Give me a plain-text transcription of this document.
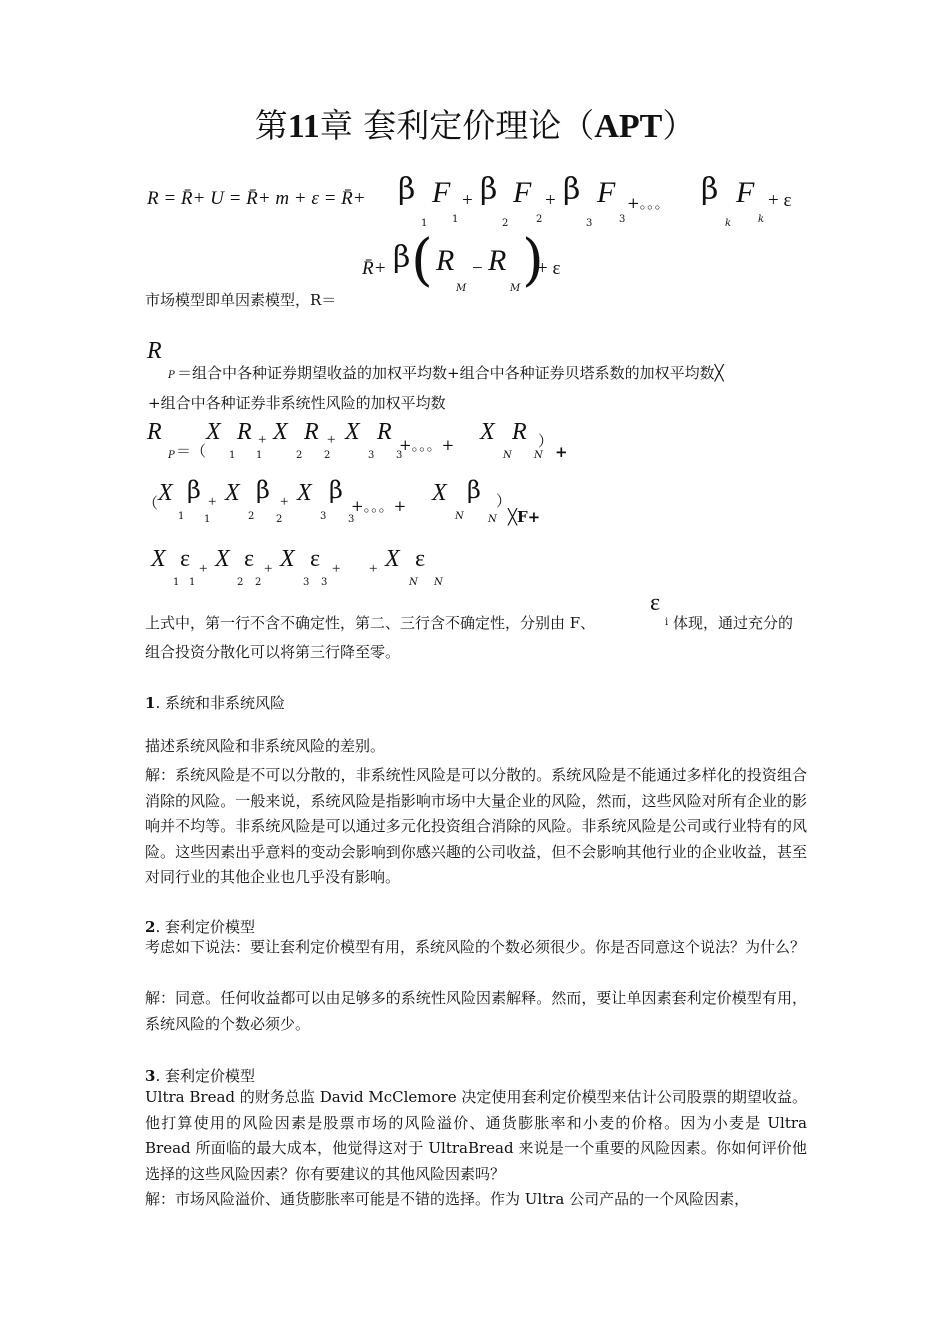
第11章 套利定价理论（APT）
R = R̄+ U = R̄+ m + ε = R̄+ β F + β F + β F +。。。 β F + ε
1 1	2	2	3	3	k	k
R̄+ β ( R − R )
+ ε
M	M
市场模型即单因素模型，R＝
R
P ＝组合中各种证券期望收益的加权平均数+组合中各种证券贝塔系数的加权平均数╳
+组合中各种证券非系统性风险的加权平均数
R
P ＝（
X R + X R + X R +。。。+ X R ）
+
1 1	2 2	3 3	N N
（ X β + X β + X β
+。。。+ X β ）
╳F+
1 1	2 2	3 3	N N
X ε + X ε + X ε + + X ε
1 1	2 2	3 3	N N
上式中，第一行不含不确定性，第二、三行含不确定性，分别由 F、
ε
i 体现，通过充分的
组合投资分散化可以将第三行降至零。
1. 系统和非系统风险
描述系统风险和非系统风险的差别。
解：系统风险是不可以分散的，非系统性风险是可以分散的。系统风险是不能通过多样化的投资组合消除的风险。一般来说，系统风险是指影响市场中大量企业的风险，然而，这些风险对所有企业的影响并不均等。非系统风险是可以通过多元化投资组合消除的风险。非系统风险是公司或行业特有的风险。这些因素出乎意料的变动会影响到你感兴趣的公司收益，但不会影响其他行业的企业收益，甚至对同行业的其他企业也几乎没有影响。
2. 套利定价模型
考虑如下说法：要让套利定价模型有用，系统风险的个数必须很少。你是否同意这个说法？为什么？
解：同意。任何收益都可以由足够多的系统性风险因素解释。然而，要让单因素套利定价模型有用，系统风险的个数必须少。
3. 套利定价模型
Ultra Bread 的财务总监 David McClemore 决定使用套利定价模型来估计公司股票的期望收益。他打算使用的风险因素是股票市场的风险溢价、通货膨胀率和小麦的价格。因为小麦是 Ultra Bread 所面临的最大成本，他觉得这对于 UltraBread 来说是一个重要的风险因素。你如何评价他选择的这些风险因素？你有要建议的其他风险因素吗？
解：市场风险溢价、通货膨胀率可能是不错的选择。作为 Ultra 公司产品的一个风险因素，
